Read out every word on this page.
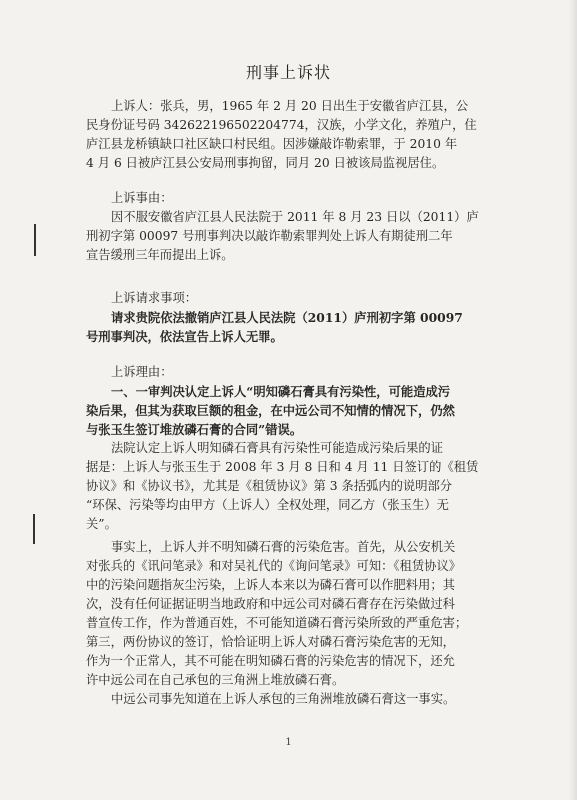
刑事上诉状

上诉人：张兵，男，1965 年 2 月 20 日出生于安徽省庐江县，公

民身份证号码 342622196502204774，汉族，小学文化，养殖户，住

庐江县龙桥镇缺口社区缺口村民组。因涉嫌敲诈勒索罪，于 2010 年

4 月 6 日被庐江县公安局刑事拘留，同月 20 日被该局监视居住。

上诉事由：

因不服安徽省庐江县人民法院于 2011 年 8 月 23 日以（2011）庐

刑初字第 00097 号刑事判决以敲诈勒索罪判处上诉人有期徒刑二年

宣告缓刑三年而提出上诉。

上诉请求事项：

请求贵院依法撤销庐江县人民法院（2011）庐刑初字第 00097

号刑事判决，依法宣告上诉人无罪。

上诉理由：

一、一审判决认定上诉人“明知磷石膏具有污染性，可能造成污

染后果，但其为获取巨额的租金，在中远公司不知情的情况下，仍然

与张玉生签订堆放磷石膏的合同”错误。

法院认定上诉人明知磷石膏具有污染性可能造成污染后果的证

据是：上诉人与张玉生于 2008 年 3 月 8 日和 4 月 11 日签订的《租赁

协议》和《协议书》，尤其是《租赁协议》第 3 条括弧内的说明部分

“环保、污染等均由甲方（上诉人）全权处理，同乙方（张玉生）无

关”。

事实上，上诉人并不明知磷石膏的污染危害。首先，从公安机关

对张兵的《讯问笔录》和对吴礼代的《询问笔录》可知：《租赁协议》

中的污染问题指灰尘污染，上诉人本来以为磷石膏可以作肥料用；其

次，没有任何证据证明当地政府和中远公司对磷石膏存在污染做过科

普宣传工作，作为普通百姓，不可能知道磷石膏污染所致的严重危害；

第三，两份协议的签订，恰恰证明上诉人对磷石膏污染危害的无知，

作为一个正常人，其不可能在明知磷石膏的污染危害的情况下，还允

许中远公司在自己承包的三角洲上堆放磷石膏。

中远公司事先知道在上诉人承包的三角洲堆放磷石膏这一事实。

1
